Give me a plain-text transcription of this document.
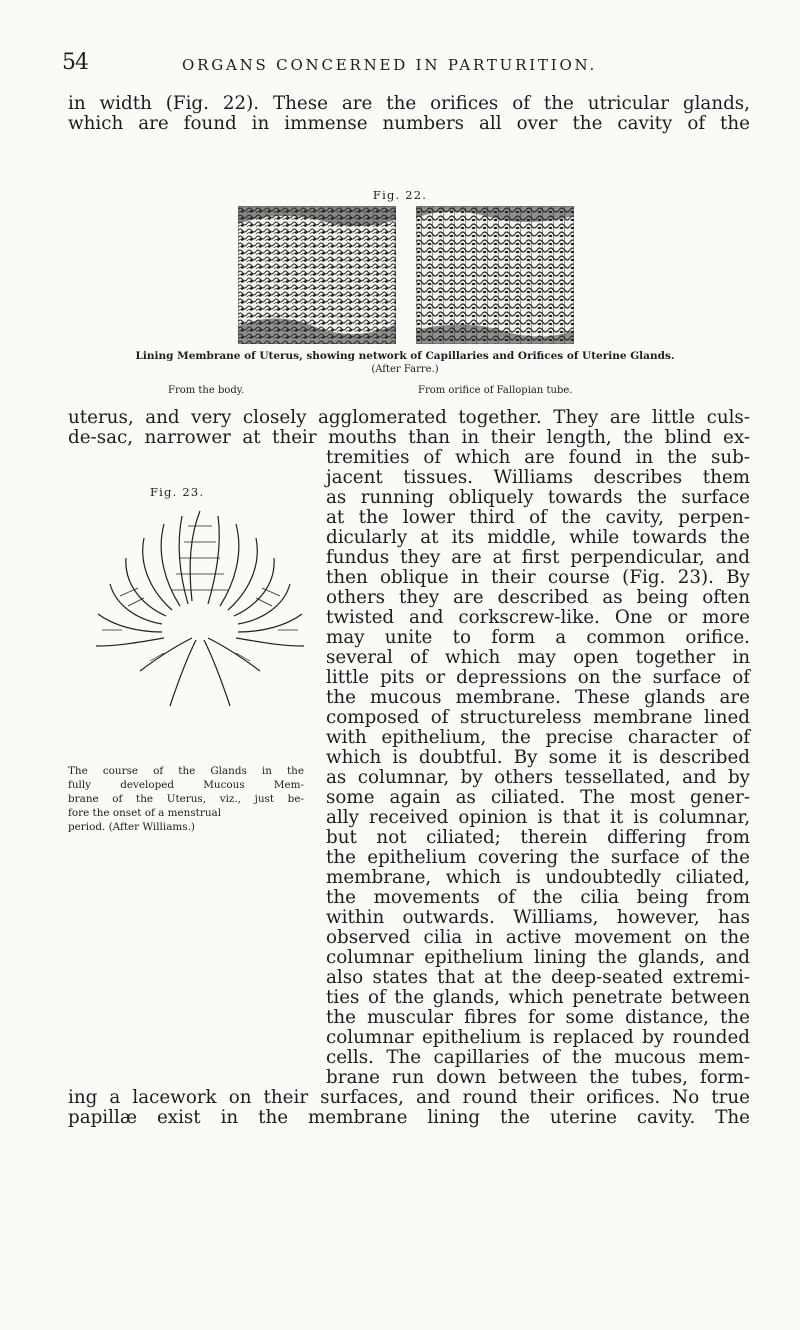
54	ORGANS CONCERNED IN PARTURITION.
in width (Fig. 22). These are the orifices of the utricular glands,
which are found in immense numbers all over the cavity of the
Fig. 22.
Lining Membrane of Uterus, showing network of Capillaries and Orifices of Uterine Glands.
(After Farre.)
From the body.	From orifice of Fallopian tube.
uterus, and very closely agglomerated together. They are little culs-
de-sac, narrower at their mouths than in their length, the blind ex-
Fig. 23.
tremities of which are found in the sub-
jacent tissues. Williams describes them
as running obliquely towards the surface
at the lower third of the cavity, perpen-
dicularly at its middle, while towards the
fundus they are at first perpendicular, and
then oblique in their course (Fig. 23). By
others they are described as being often
twisted and corkscrew-like. One or more
may unite to form a common orifice.
several of which may open together in
little pits or depressions on the surface of
the mucous membrane. These glands are
composed of structureless membrane lined
with epithelium, the precise character of
which is doubtful. By some it is described
as columnar, by others tessellated, and by
some again as ciliated. The most gener-
ally received opinion is that it is columnar,
but not ciliated; therein differing from
the epithelium covering the surface of the
membrane, which is undoubtedly ciliated,
the movements of the cilia being from
within outwards. Williams, however, has
observed cilia in active movement on the
columnar epithelium lining the glands, and
also states that at the deep-seated extremi-
ties of the glands, which penetrate between
the muscular fibres for some distance, the
columnar epithelium is replaced by rounded
cells. The capillaries of the mucous mem-
brane run down between the tubes, form-
The course of the Glands in the
fully developed Mucous Mem-
brane of the Uterus, viz., just be-
fore the onset of a menstrual
period. (After Williams.)
ing a lacework on their surfaces, and round their orifices. No true
papillæ exist in the membrane lining the uterine cavity. The
